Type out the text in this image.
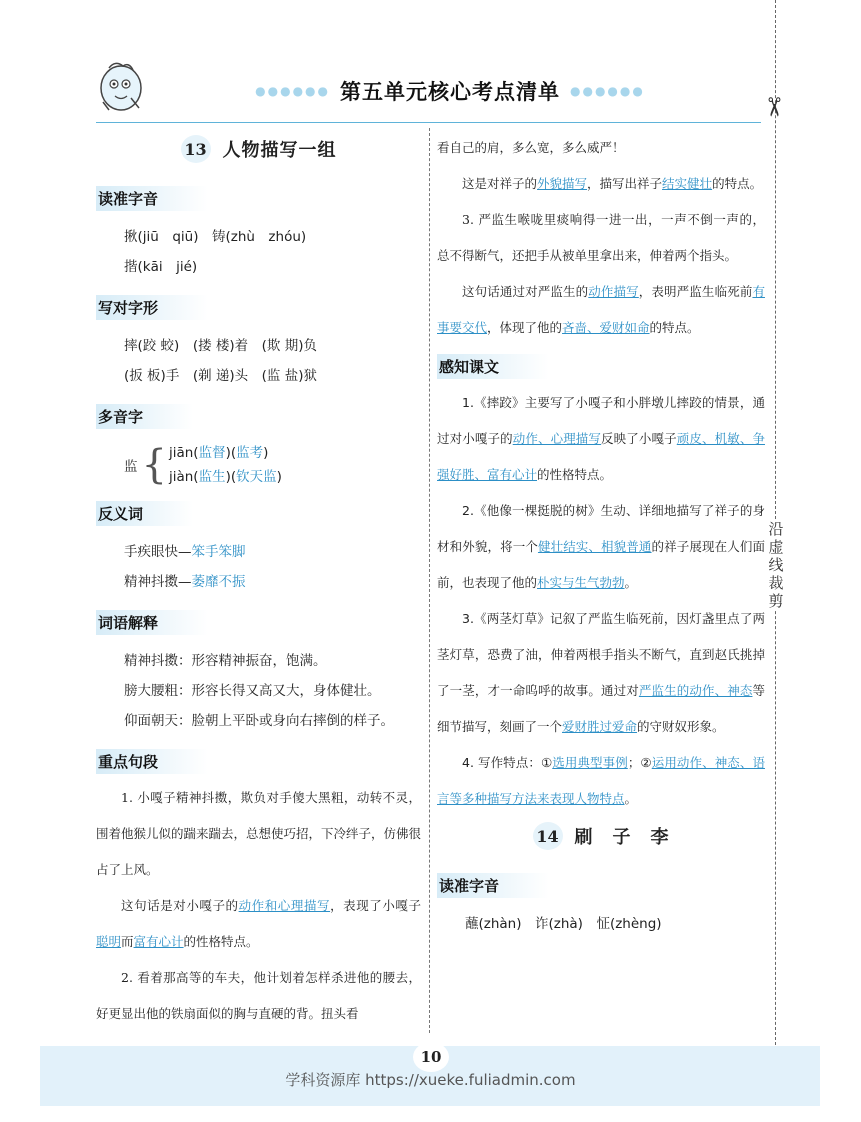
✂
沿虚线裁剪
●●●●●● 第五单元核心考点清单 ●●●●●●
13 人物描写一组
读准字音
揪(jiū　qiū)　铸(zhù　zhóu)
揩(kāi　jié)
写对字形
摔(跤 蛟)　(搂 楼)着　(欺 期)负
(扳 板)手　(剃 递)头　(监 盐)狱
多音字
监 { jiān(监督)(监考)
jiàn(监生)(钦天监)
反义词
手疾眼快—笨手笨脚
精神抖擞—萎靡不振
词语解释
精神抖擞：形容精神振奋，饱满。
膀大腰粗：形容长得又高又大，身体健壮。
仰面朝天：脸朝上平卧或身向右摔倒的样子。
重点句段

1. 小嘎子精神抖擞，欺负对手傻大黑粗，动转不灵，围着他猴儿似的踹来踹去，总想使巧招，下冷绊子，仿佛很占了上风。

这句话是对小嘎子的动作和心理描写，表现了小嘎子聪明而富有心计的性格特点。

2. 看着那高等的车夫，他计划着怎样杀进他的腰去，好更显出他的铁扇面似的胸与直硬的背。扭头看

看自己的肩，多么宽，多么威严！

这是对祥子的外貌描写，描写出祥子结实健壮的特点。

3. 严监生喉咙里痰响得一进一出，一声不倒一声的，总不得断气，还把手从被单里拿出来，伸着两个指头。

这句话通过对严监生的动作描写，表明严监生临死前有事要交代，体现了他的吝啬、爱财如命的特点。

感知课文

1.《摔跤》主要写了小嘎子和小胖墩儿摔跤的情景，通过对小嘎子的动作、心理描写反映了小嘎子顽皮、机敏、争强好胜、富有心计的性格特点。

2.《他像一棵挺脱的树》生动、详细地描写了祥子的身材和外貌，将一个健壮结实、相貌普通的祥子展现在人们面前，也表现了他的朴实与生气勃勃。

3.《两茎灯草》记叙了严监生临死前，因灯盏里点了两茎灯草，恐费了油，伸着两根手指头不断气，直到赵氏挑掉了一茎，才一命呜呼的故事。通过对严监生的动作、神态等细节描写，刻画了一个爱财胜过爱命的守财奴形象。

4. 写作特点：①选用典型事例；②运用动作、神态、语言等多种描写方法来表现人物特点。

14 刷　子　李
读准字音
蘸(zhàn)　诈(zhà)　怔(zhèng)
10
学科资源库 https://xueke.fuliadmin.com
